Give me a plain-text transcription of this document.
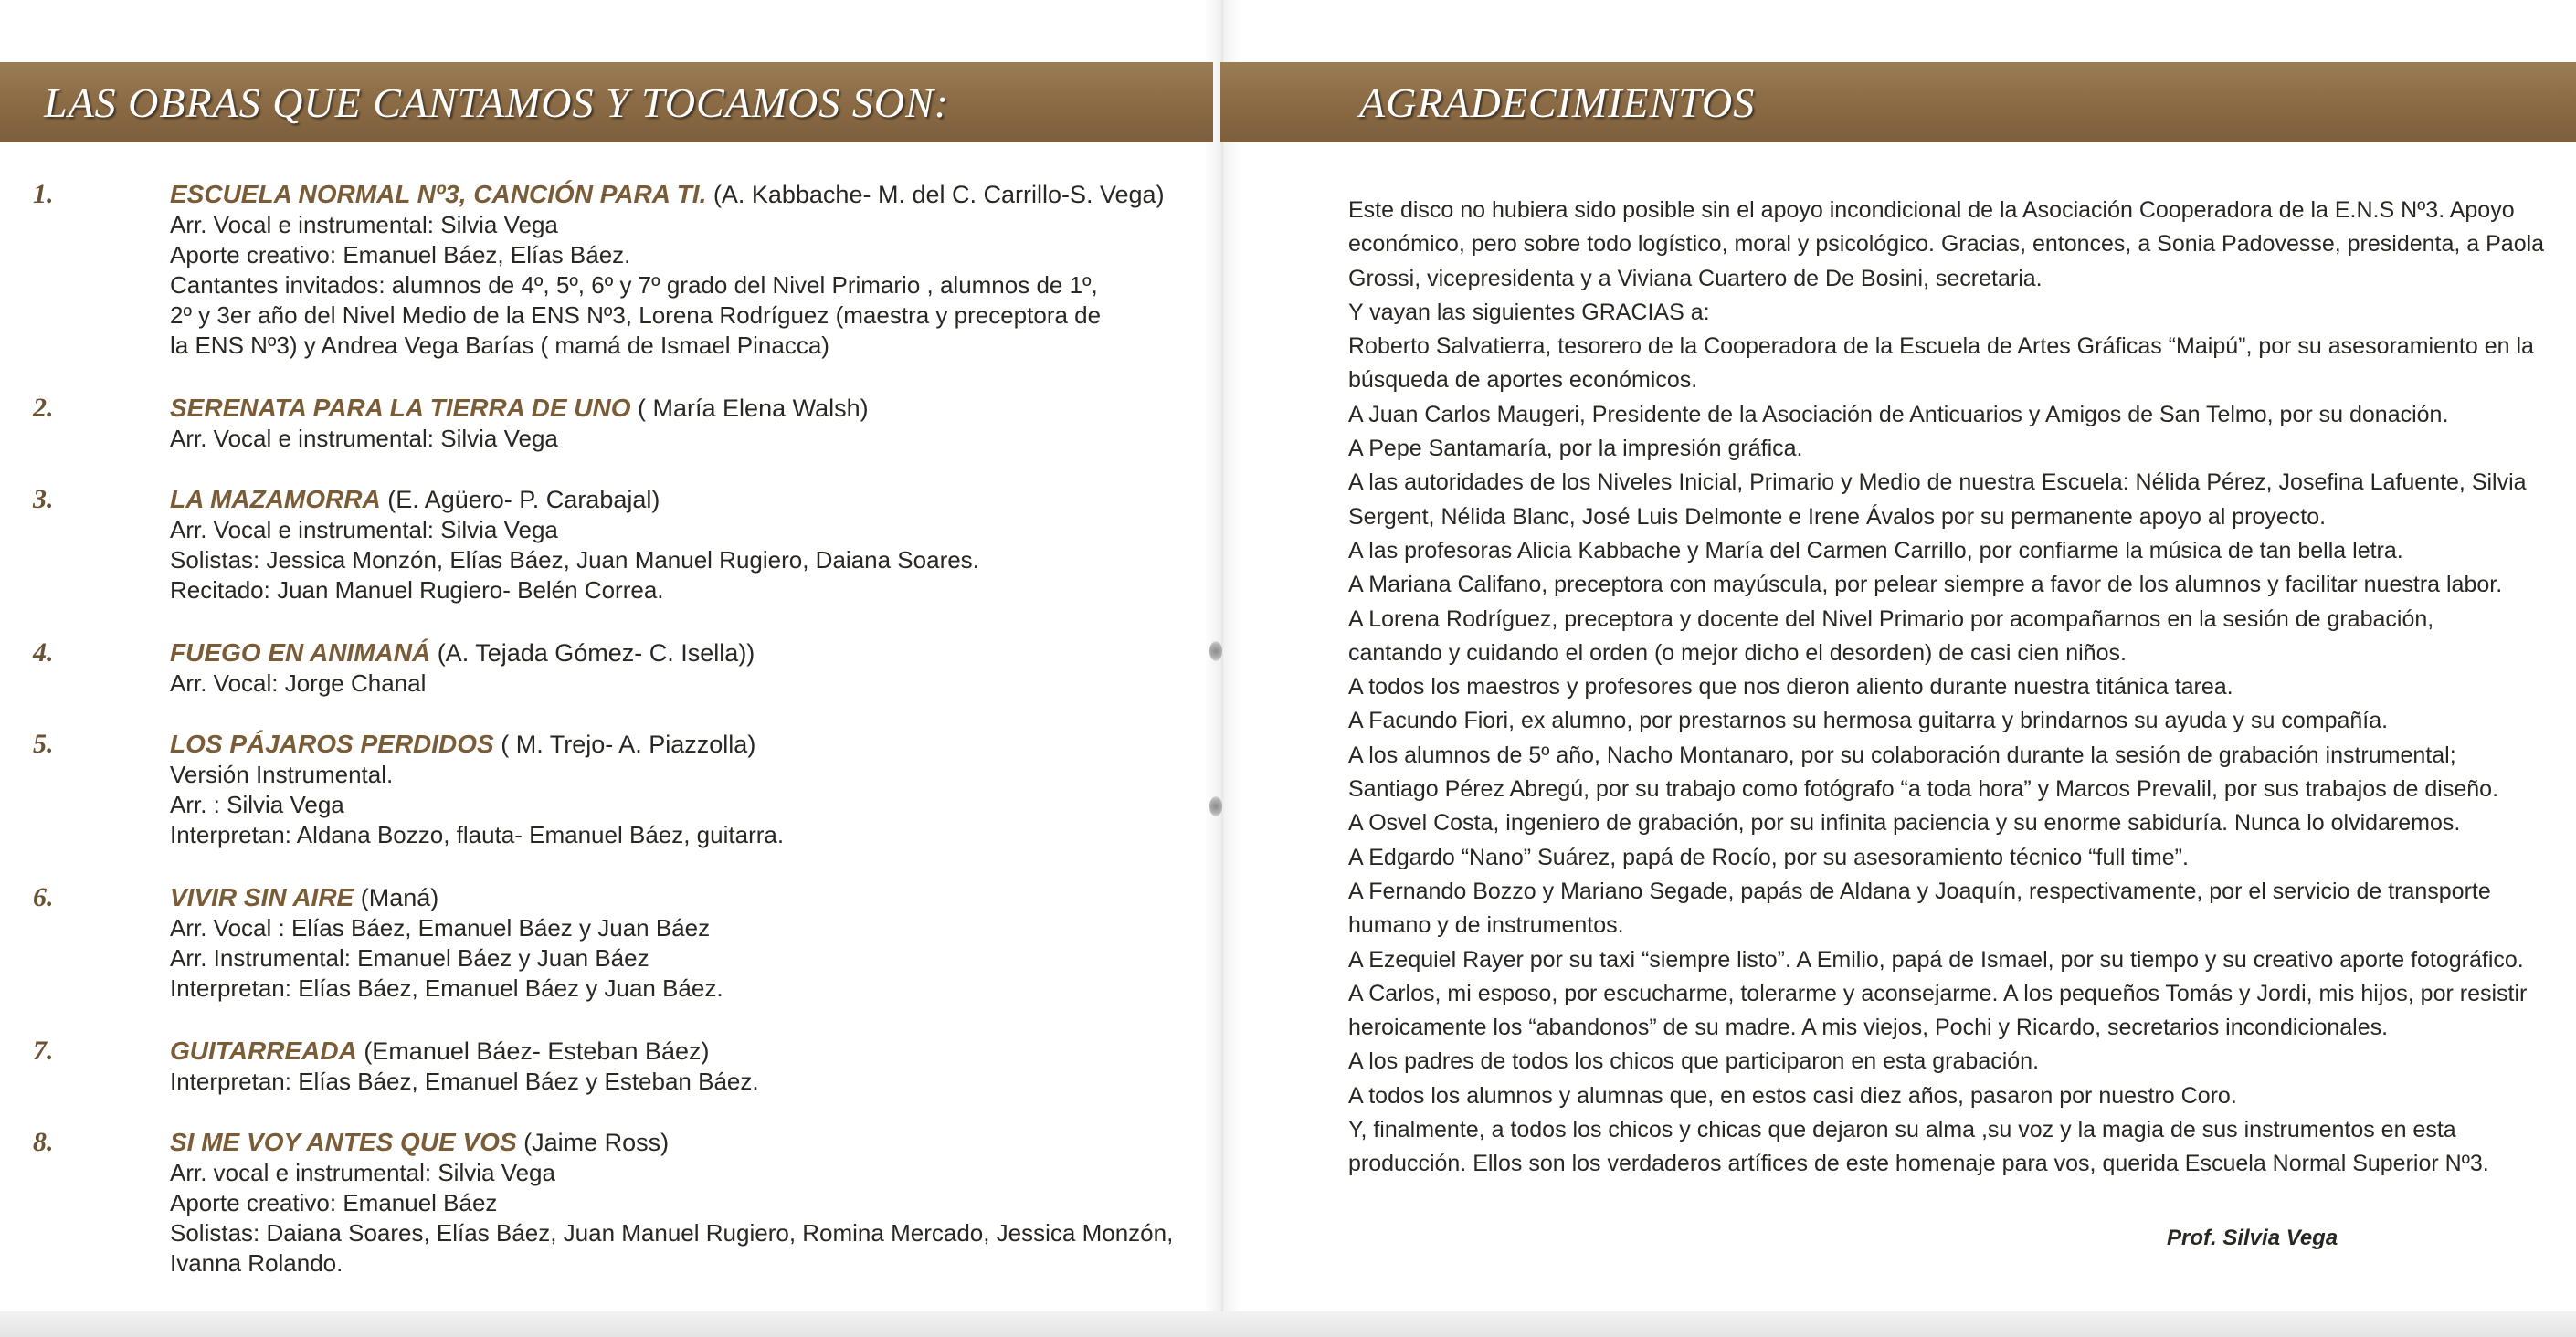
LAS OBRAS QUE CANTAMOS Y TOCAMOS SON:	AGRADECIMIENTOS
1.	ESCUELA NORMAL Nº3, CANCIÓN PARA TI. (A. Kabbache- M. del C. Carrillo-S. Vega)
Arr. Vocal e instrumental: Silvia Vega
Aporte creativo: Emanuel Báez, Elías Báez.
Cantantes invitados: alumnos de 4º, 5º, 6º y 7º grado del Nivel Primario , alumnos de 1º,
2º y 3er año del Nivel Medio de la ENS Nº3, Lorena Rodríguez (maestra y preceptora de
la ENS Nº3) y Andrea Vega Barías ( mamá de Ismael Pinacca)
2.	SERENATA PARA LA TIERRA DE UNO ( María Elena Walsh)
Arr. Vocal e instrumental: Silvia Vega
3.	LA MAZAMORRA (E. Agüero- P. Carabajal)
Arr. Vocal e instrumental: Silvia Vega
Solistas: Jessica Monzón, Elías Báez, Juan Manuel Rugiero, Daiana Soares.
Recitado: Juan Manuel Rugiero- Belén Correa.
4.	FUEGO EN ANIMANÁ (A. Tejada Gómez- C. Isella))
Arr. Vocal: Jorge Chanal
5.	LOS PÁJAROS PERDIDOS ( M. Trejo- A. Piazzolla)
Versión Instrumental.
Arr. : Silvia Vega
Interpretan: Aldana Bozzo, flauta- Emanuel Báez, guitarra.
6.	VIVIR SIN AIRE (Maná)
Arr. Vocal : Elías Báez, Emanuel Báez y Juan Báez
Arr. Instrumental: Emanuel Báez y Juan Báez
Interpretan: Elías Báez, Emanuel Báez y Juan Báez.
7.	GUITARREADA (Emanuel Báez- Esteban Báez)
Interpretan: Elías Báez, Emanuel Báez y Esteban Báez.
8.	SI ME VOY ANTES QUE VOS (Jaime Ross)
Arr. vocal e instrumental: Silvia Vega
Aporte creativo: Emanuel Báez
Solistas: Daiana Soares, Elías Báez, Juan Manuel Rugiero, Romina Mercado, Jessica Monzón,
Ivanna Rolando.
Este disco no hubiera sido posible sin el apoyo incondicional de la Asociación Cooperadora de la E.N.S Nº3. Apoyo
económico, pero sobre todo logístico, moral y psicológico. Gracias, entonces, a Sonia Padovesse, presidenta, a Paola
Grossi, vicepresidenta y a Viviana Cuartero de De Bosini, secretaria.
Y vayan las siguientes GRACIAS a:
Roberto Salvatierra, tesorero de la Cooperadora de la Escuela de Artes Gráficas “Maipú”, por su asesoramiento en la
búsqueda de aportes económicos.
A Juan Carlos Maugeri, Presidente de la Asociación de Anticuarios y Amigos de San Telmo, por su donación.
A Pepe Santamaría, por la impresión gráfica.
A las autoridades de los Niveles Inicial, Primario y Medio de nuestra Escuela: Nélida Pérez, Josefina Lafuente, Silvia
Sergent, Nélida Blanc, José Luis Delmonte e Irene Ávalos por su permanente apoyo al proyecto.
A las profesoras Alicia Kabbache y María del Carmen Carrillo, por confiarme la música de tan bella letra.
A Mariana Califano, preceptora con mayúscula, por pelear siempre a favor de los alumnos y facilitar nuestra labor.
A Lorena Rodríguez, preceptora y docente del Nivel Primario por acompañarnos en la sesión de grabación,
cantando y cuidando el orden (o mejor dicho el desorden) de casi cien niños.
A todos los maestros y profesores que nos dieron aliento durante nuestra titánica tarea.
A Facundo Fiori, ex alumno, por prestarnos su hermosa guitarra y brindarnos su ayuda y su compañía.
A los alumnos de 5º año, Nacho Montanaro, por su colaboración durante la sesión de grabación instrumental;
Santiago Pérez Abregú, por su trabajo como fotógrafo “a toda hora” y Marcos Prevalil, por sus trabajos de diseño.
A Osvel Costa, ingeniero de grabación, por su infinita paciencia y su enorme sabiduría. Nunca lo olvidaremos.
A Edgardo “Nano” Suárez, papá de Rocío, por su asesoramiento técnico “full time”.
A Fernando Bozzo y Mariano Segade, papás de Aldana y Joaquín, respectivamente, por el servicio de transporte
humano y de instrumentos.
A Ezequiel Rayer por su taxi “siempre listo”. A Emilio, papá de Ismael, por su tiempo y su creativo aporte fotográfico.
A Carlos, mi esposo, por escucharme, tolerarme y aconsejarme. A los pequeños Tomás y Jordi, mis hijos, por resistir
heroicamente los “abandonos” de su madre. A mis viejos, Pochi y Ricardo, secretarios incondicionales.
A los padres de todos los chicos que participaron en esta grabación.
A todos los alumnos y alumnas que, en estos casi diez años, pasaron por nuestro Coro.
Y, finalmente, a todos los chicos y chicas que dejaron su alma ,su voz y la magia de sus instrumentos en esta
producción. Ellos son los verdaderos artífices de este homenaje para vos, querida Escuela Normal Superior Nº3.
Prof. Silvia Vega
